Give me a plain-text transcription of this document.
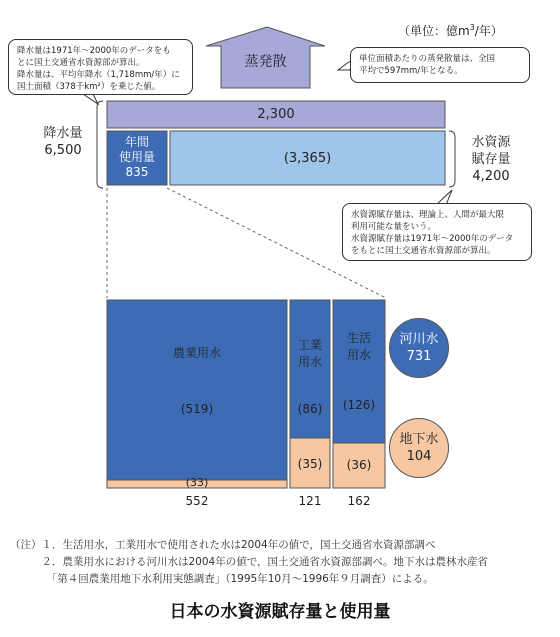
（単位：億$m^3/$年）
降水量は1971年〜2000年のデータをも
とに国土交通省水資源部が算出。
降水量は、平均年降水（1,718mm/年）に
国土面積（378千km²）を乗じた値。
単位面積あたりの蒸発散量は、全国
平均で597mm/年となる。
水資源賦存量は、理論上、人間が最大限
利用可能な量をいう。
水資源賦存量は1971年〜2000年のデータ
をもとに国土交通省水資源部が算出。
蒸発散
2,300
年間
使用量
835
(3,365)
降水量
6,500
水資源
賦存量
4,200
農業用水
(519)
(33)
552
工業
用水
(86)
(35)
121
生活
用水
(126)
(36)
162
河川水
731
地下水
104
（注）１．生活用水，工業用水で使用された水は2004年の値で，国土交通省水資源部調べ
　　　２．農業用水における河川水は2004年の値で，国土交通省水資源部調べ。地下水は農林水産省
　　　　「第４回農業用地下水利用実態調査」（1995年10月〜1996年９月調査）による。
日本の水資源賦存量と使用量
